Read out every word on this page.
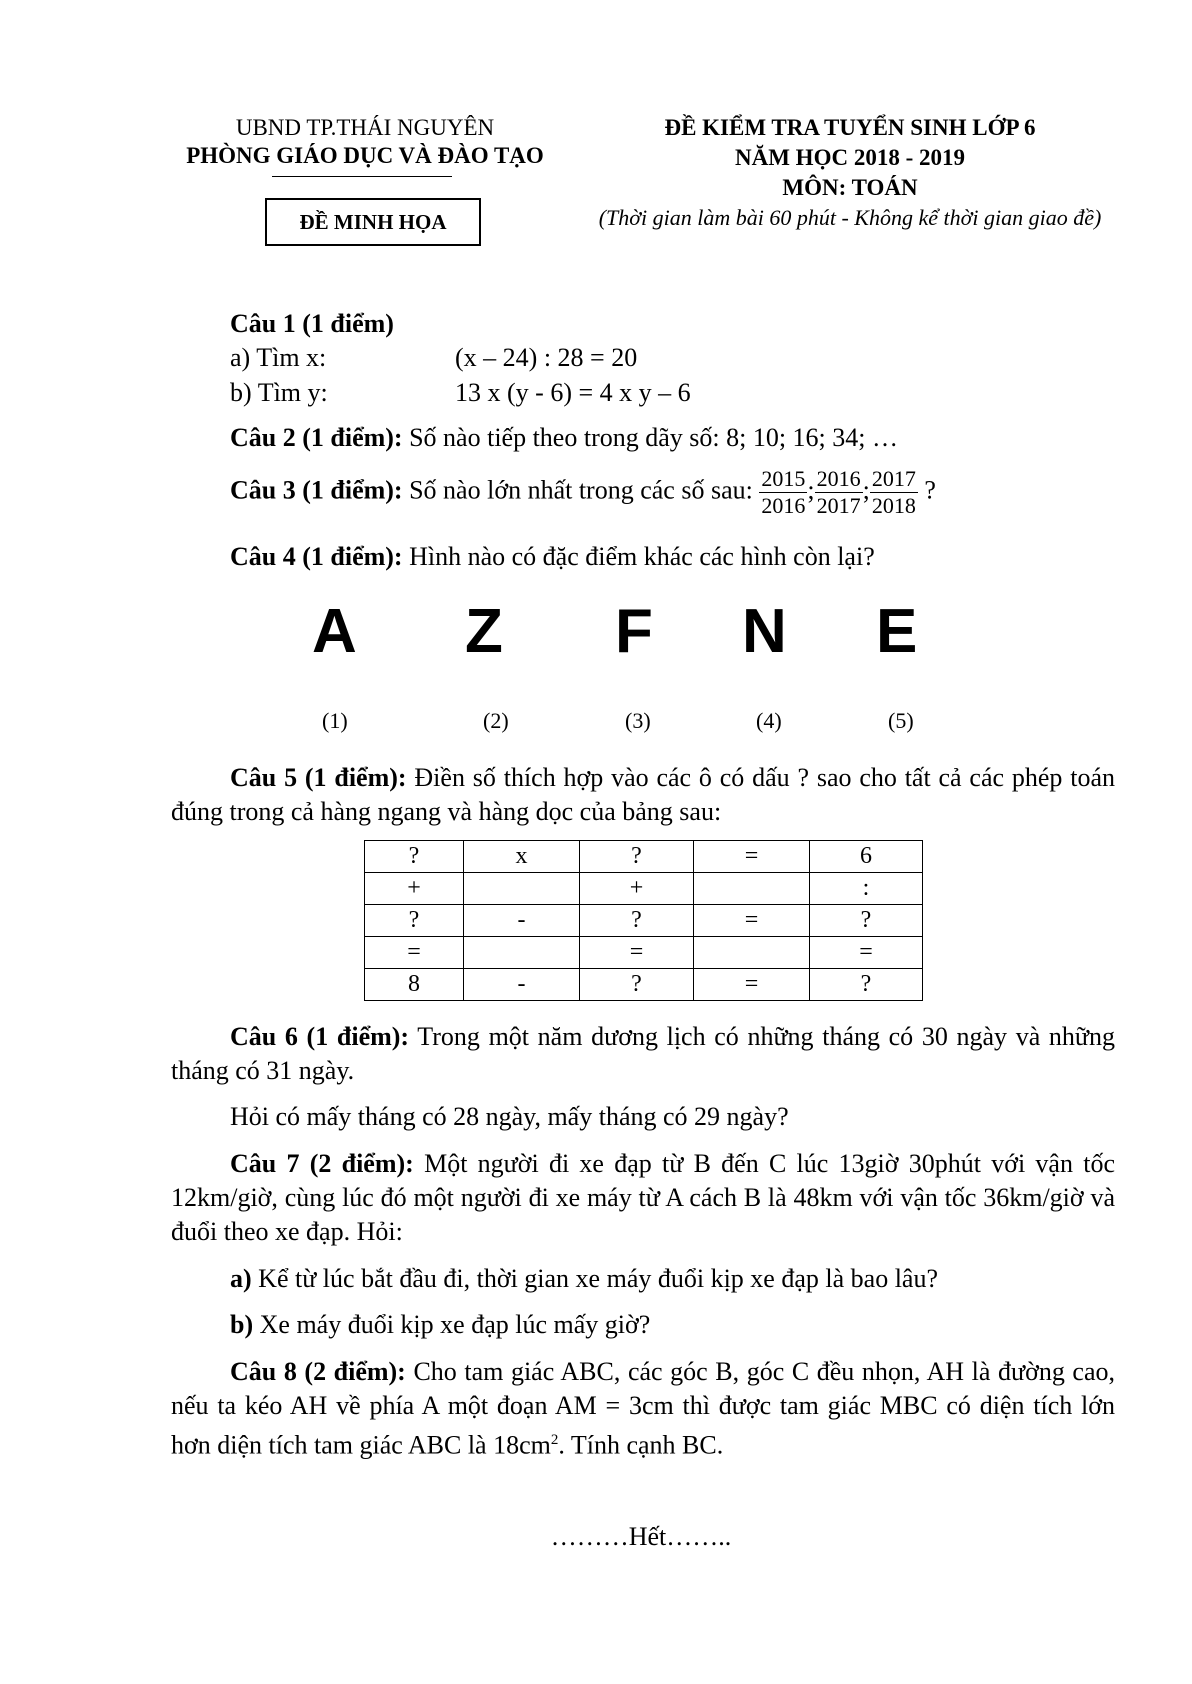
UBND TP.THÁI NGUYÊN
PHÒNG GIÁO DỤC VÀ ĐÀO TẠO
ĐỀ MINH HỌA
ĐỀ KIỂM TRA TUYỂN SINH LỚP 6
NĂM HỌC 2018 - 2019
MÔN: TOÁN
(Thời gian làm bài 60 phút - Không kể thời gian giao đề)
Câu 1 (1 điểm)
a) Tìm x:	(x – 24) : 28 = 20
b) Tìm y:	13 x (y - 6) = 4 x y – 6
Câu 2 (1 điểm): Số nào tiếp theo trong dãy số: 8; 10; 16; 34; …
Câu 3 (1 điểm): Số nào lớn nhất trong các số sau: $\frac{2015}{2016}$ ; $\frac{2016}{2017}$ ; $\frac{2017}{2018}$ ?
Câu 4 (1 điểm): Hình nào có đặc điểm khác các hình còn lại?
A Z F N E
(1)	(2)	(3)	(4)	(5)
Câu 5 (1 điểm): Điền số thích hợp vào các ô có dấu ? sao cho tất cả các phép toán đúng trong cả hàng ngang và hàng dọc của bảng sau:
?	x	?	=	6
+		+		:
?	-	?	=	?
=		=		=
8	-	?	=	?
Câu 6 (1 điểm): Trong một năm dương lịch có những tháng có 30 ngày và những tháng có 31 ngày.
Hỏi có mấy tháng có 28 ngày, mấy tháng có 29 ngày?
Câu 7 (2 điểm): Một người đi xe đạp từ B đến C lúc 13giờ 30phút với vận tốc 12km/giờ, cùng lúc đó một người đi xe máy từ A cách B là 48km với vận tốc 36km/giờ và đuổi theo xe đạp. Hỏi:
a) Kể từ lúc bắt đầu đi, thời gian xe máy đuổi kịp xe đạp là bao lâu?
b) Xe máy đuổi kịp xe đạp lúc mấy giờ?
Câu 8 (2 điểm): Cho tam giác ABC, các góc B, góc C đều nhọn, AH là đường cao, nếu ta kéo AH về phía A một đoạn AM = 3cm thì được tam giác MBC có diện tích lớn hơn diện tích tam giác ABC là $18cm^2$. Tính cạnh BC.
………Hết……..
